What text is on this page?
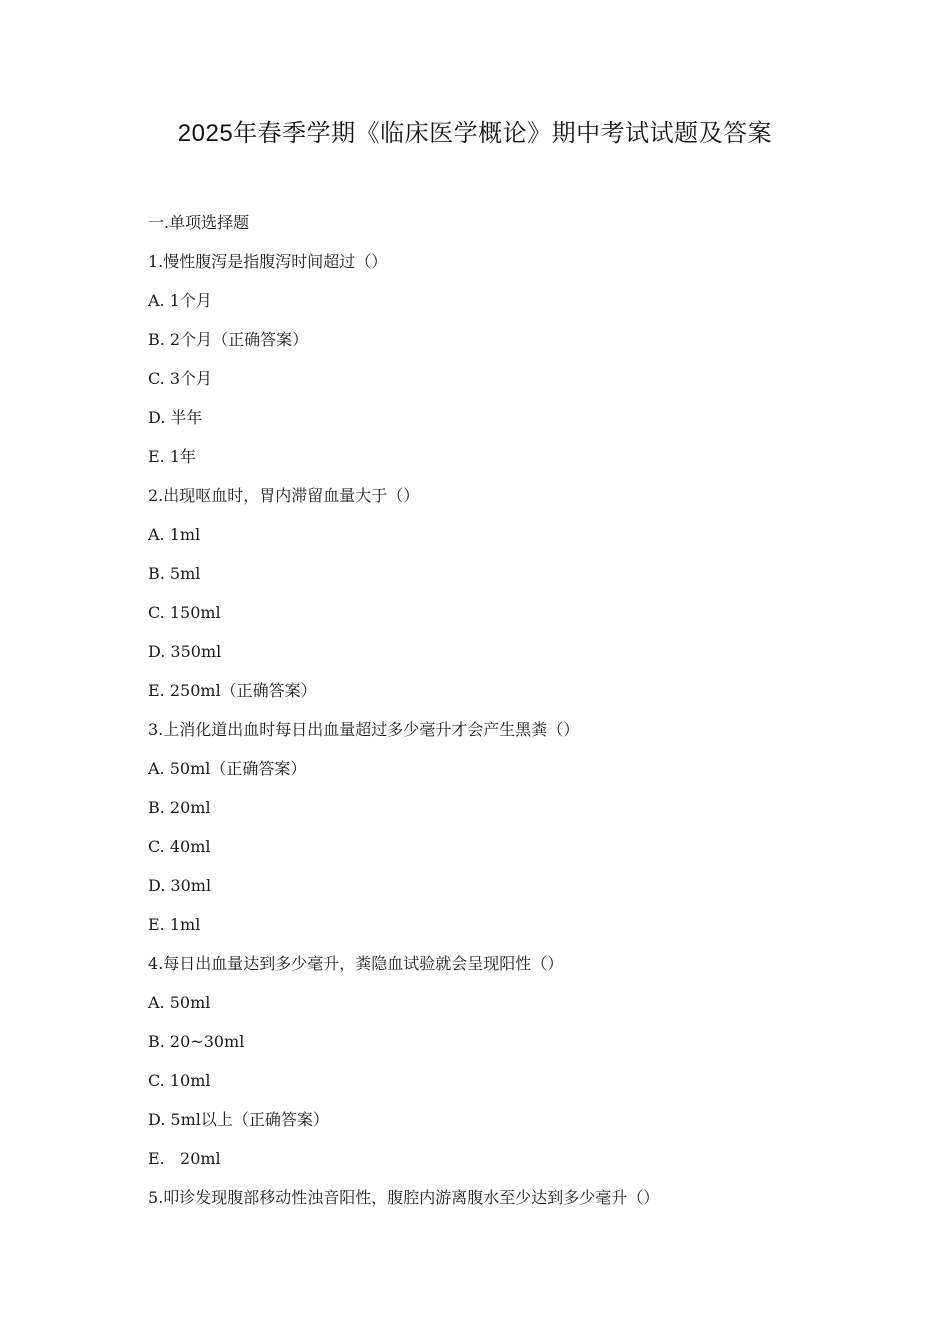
2025年春季学期《临床医学概论》期中考试试题及答案
一.单项选择题
1.慢性腹泻是指腹泻时间超过（）
A. 1个月
B. 2个月（正确答案）
C. 3个月
D. 半年
E. 1年
2.出现呕血时，胃内滞留血量大于（）
A. 1ml
B. 5ml
C. 150ml
D. 350ml
E. 250ml（正确答案）
3.上消化道出血时每日出血量超过多少毫升才会产生黑粪（）
A. 50ml（正确答案）
B. 20ml
C. 40ml
D. 30ml
E. 1ml
4.每日出血量达到多少毫升，粪隐血试验就会呈现阳性（）
A. 50ml
B. 20~30ml
C. 10ml
D. 5ml以上（正确答案）
E.   20ml
5.叩诊发现腹部移动性浊音阳性，腹腔内游离腹水至少达到多少毫升（）
